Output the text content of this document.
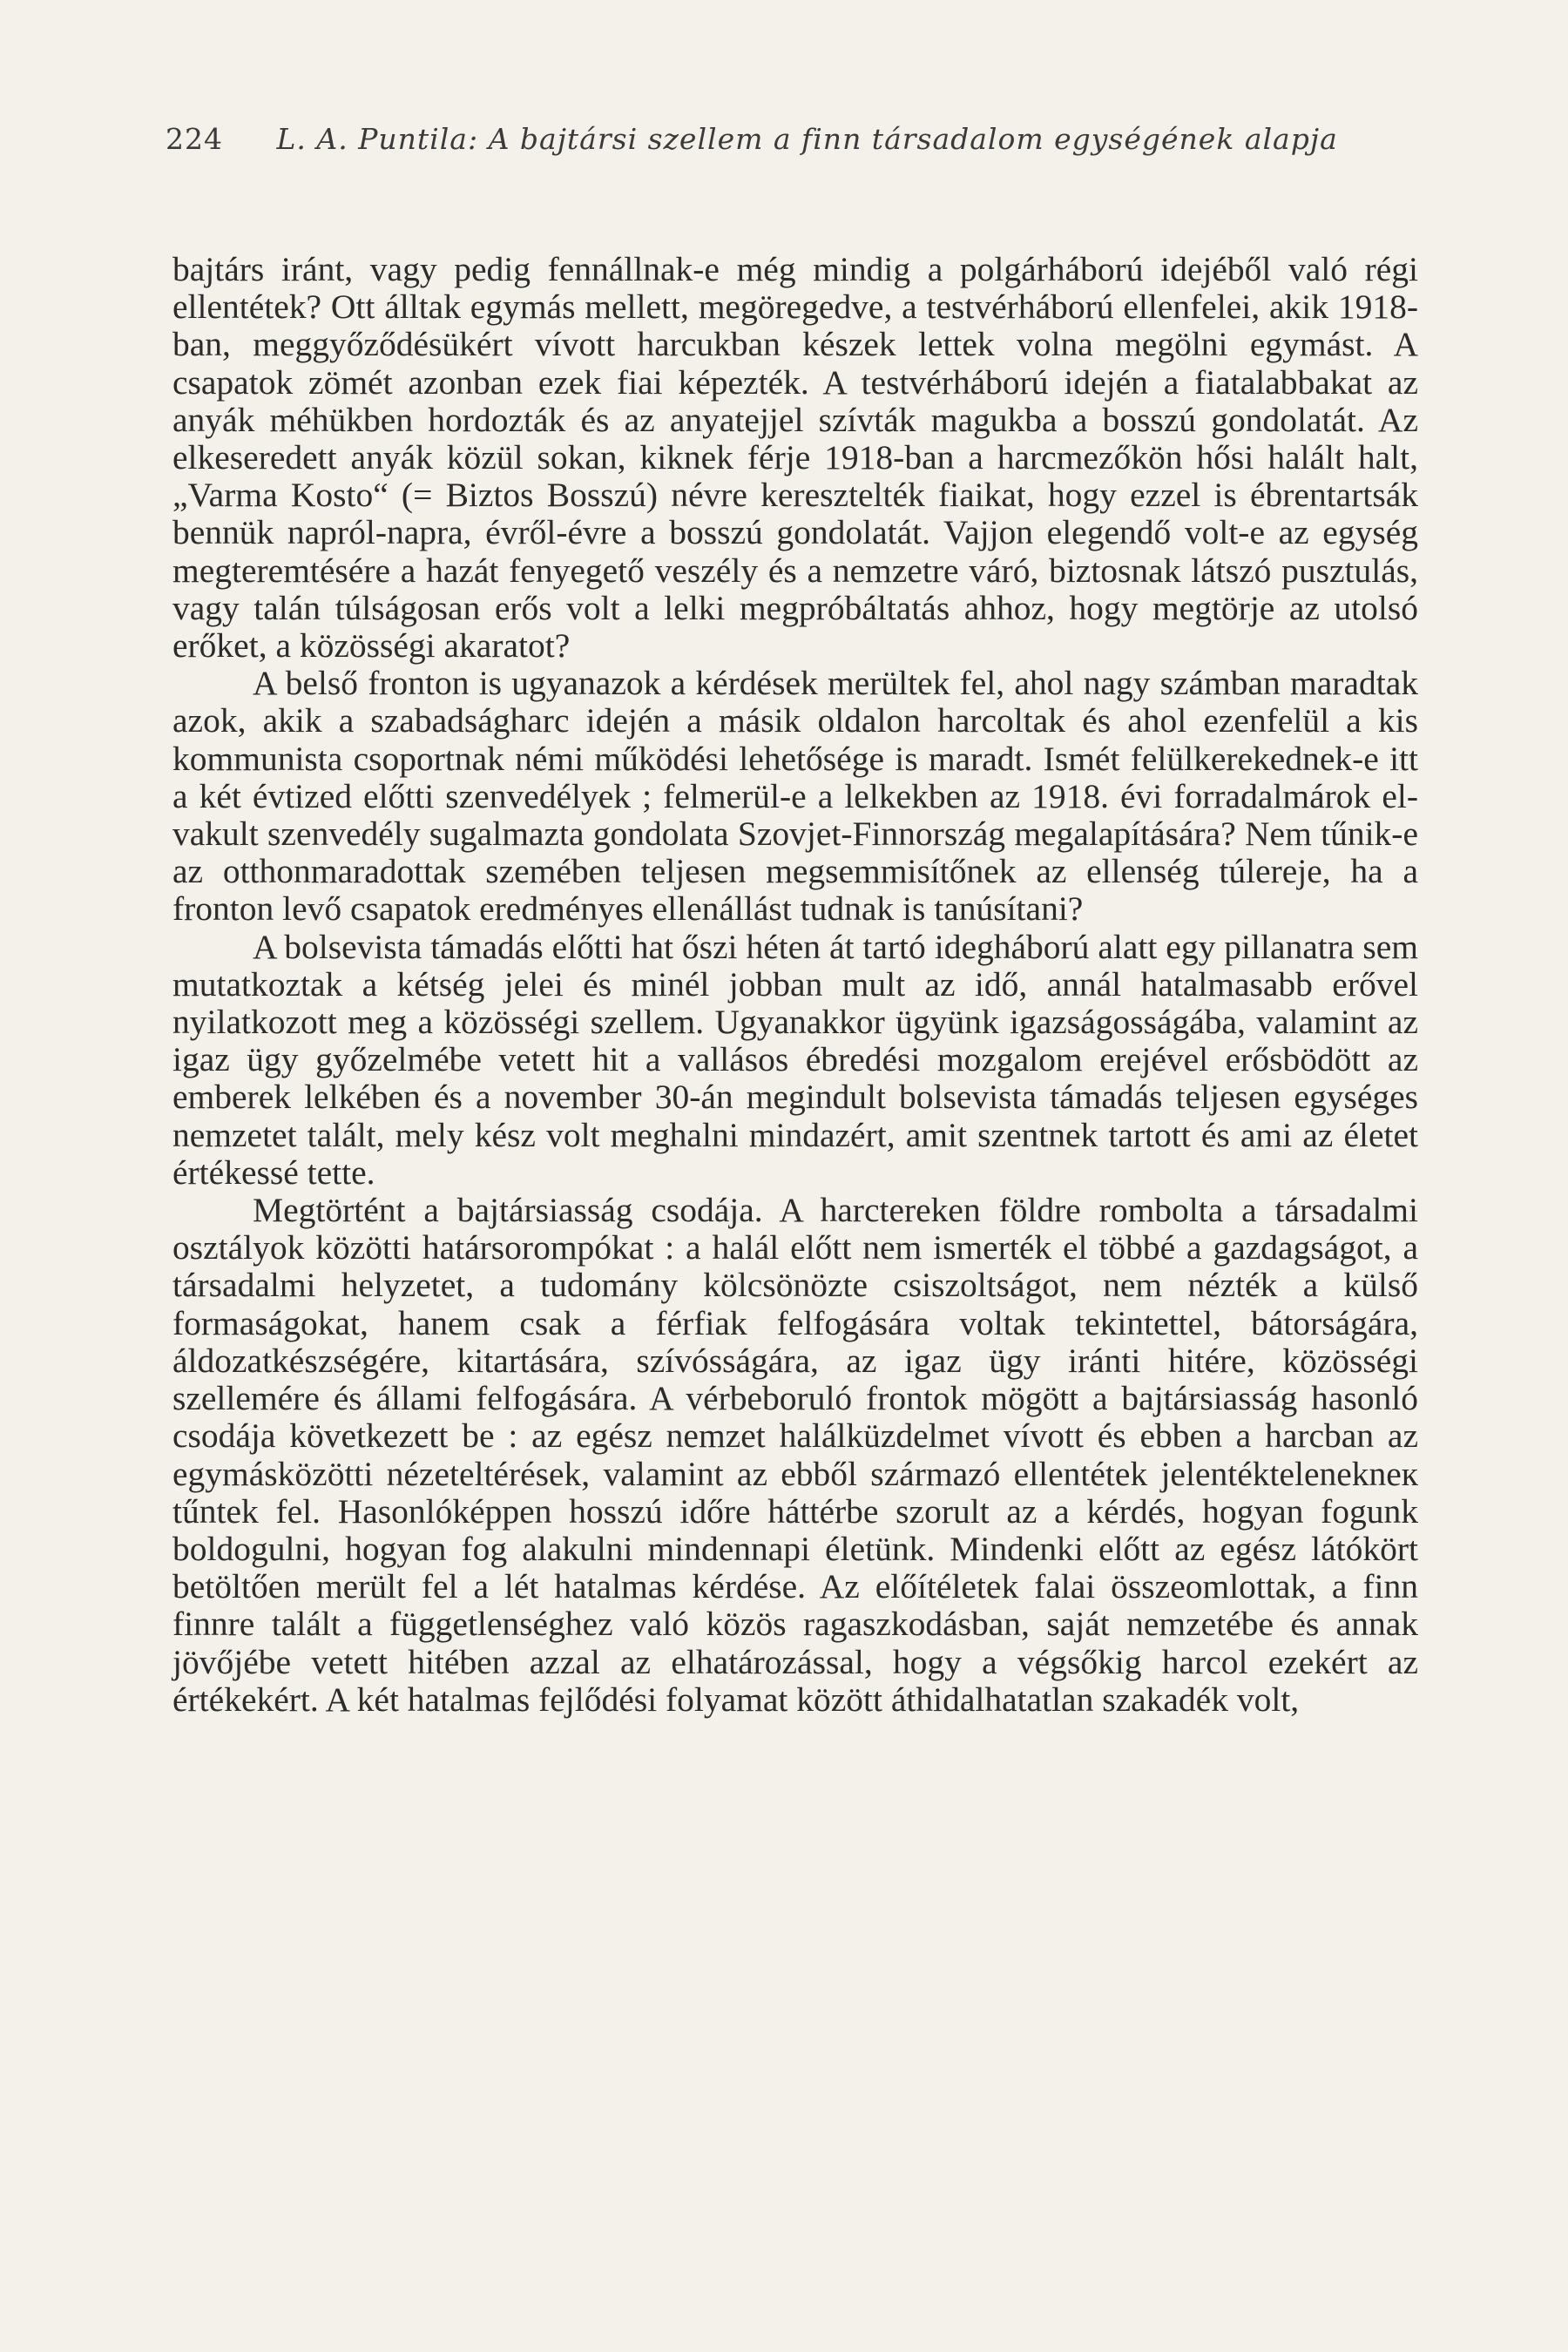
224 L. A. Puntila: A bajtársi szellem a finn társadalom egységének alapja

bajtárs iránt, vagy pedig fennállnak-e még mindig a polgárháború idejéből való régi ellentétek? Ott álltak egymás mellett, megöregedve, a testvérháború ellenfelei, akik 1918-ban, meggyőződésükért vívott harcukban készek lettek volna megölni egymást. A csapatok zömét azonban ezek fiai képezték. A testvérháború idején a fiatalabbakat az anyák méhükben hordozták és az anyatejjel szívták magukba a bosszú gondolatát. Az elkeseredett anyák közül sokan, kiknek férje 1918-ban a harcmezőkön hősi halált halt, „Varma Kosto“ (= Biztos Bosszú) névre keresztelték fiaikat, hogy ezzel is ébrentartsák bennük napról-napra, évről-évre a bosszú gondolatát. Vajjon elegendő volt-e az egység megteremtésére a hazát fenyegető veszély és a nemzetre váró, biztosnak látszó pusztulás, vagy talán túlságosan erős volt a lelki megpróbáltatás ahhoz, hogy megtörje az utolsó erőket, a közösségi akaratot?

A belső fronton is ugyanazok a kérdések merültek fel, ahol nagy számban maradtak azok, akik a szabadságharc idején a másik oldalon harcoltak és ahol ezenfelül a kis kommunista csoportnak némi működési lehetősége is maradt. Ismét felülkerekednek-e itt a két évtized előtti szenvedélyek ; felmerül-e a lelkekben az 1918. évi forradalmárok elvakult szenvedély sugalmazta gondolata Szovjet-Finnország megalapítására? Nem tűnik-e az otthonmaradottak szemében teljesen megsemmisítőnek az ellenség túlereje, ha a fronton levő csapatok eredményes ellenállást tudnak is tanúsítani?

A bolsevista támadás előtti hat őszi héten át tartó idegháború alatt egy pillanatra sem mutatkoztak a kétség jelei és minél jobban mult az idő, annál hatalmasabb erővel nyilatkozott meg a közösségi szellem. Ugyanakkor ügyünk igazságosságába, valamint az igaz ügy győzelmébe vetett hit a vallásos ébredési mozgalom erejével erősbödött az emberek lelkében és a november 30-án megindult bolsevista támadás teljesen egységes nemzetet talált, mely kész volt meghalni mindazért, amit szentnek tartott és ami az életet értékessé tette.

Megtörtént a bajtársiasság csodája. A harctereken földre rombolta a társadalmi osztályok közötti határsorompókat : a halál előtt nem ismerték el többé a gazdagságot, a társadalmi helyzetet, a tudomány kölcsönözte csiszoltságot, nem nézték a külső formaságokat, hanem csak a férfiak felfogására voltak tekintettel, bátorságára, áldozatkészségére, kitartására, szívósságára, az igaz ügy iránti hitére, közösségi szellemére és állami felfogására. A vérbeboruló frontok mögött a bajtársiasság hasonló csodája következett be : az egész nemzet halálküzdelmet vívott és ebben a harcban az egymásközötti nézeteltérések, valamint az ebből származó ellentétek jelentéktelenekneк tűntek fel. Hasonlóképpen hosszú időre háttérbe szorult az a kérdés, hogyan fogunk boldogulni, hogyan fog alakulni mindennapi életünk. Mindenki előtt az egész látókört betöltően merült fel a lét hatalmas kérdése. Az előítéletek falai összeomlottak, a finn finnre talált a függetlenséghez való közös ragaszkodásban, saját nemzetébe és annak jövőjébe vetett hitében azzal az elhatározással, hogy a végsőkig harcol ezekért az értékekért. A két hatalmas fejlődési folyamat között áthidalhatatlan szakadék volt,
